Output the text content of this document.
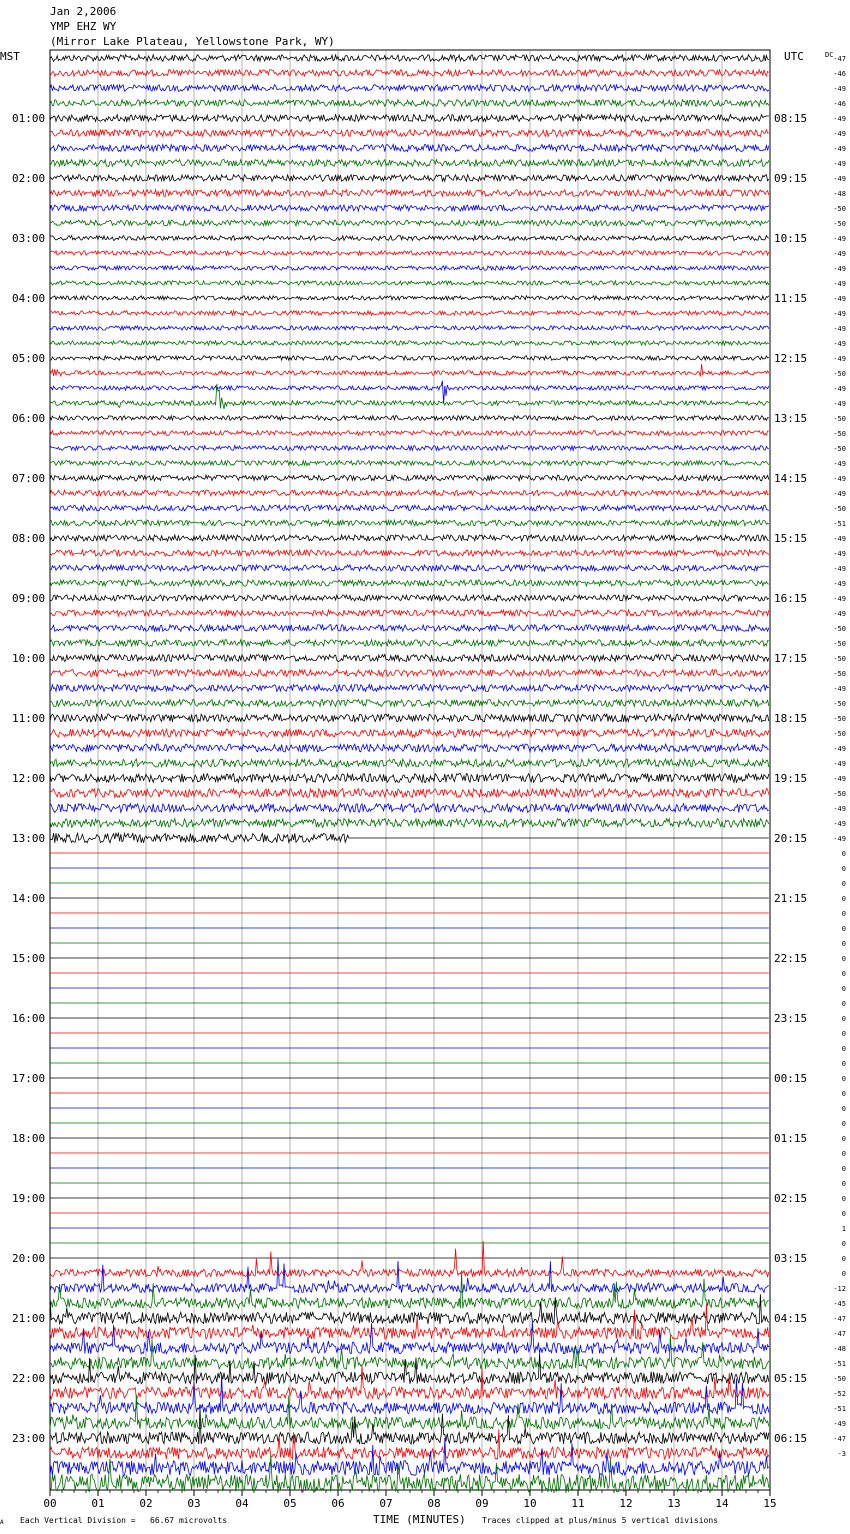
Jan 2,2006
YMP EHZ WY
(Mirror Lake Plateau, Yellowstone Park, WY)
01:00
02:00
03:00
04:00
05:00
06:00
07:00
08:00
09:00
10:00
11:00
12:00
13:00
14:00
15:00
16:00
17:00
18:00
19:00
20:00
21:00
22:00
23:00
08:15
09:15
10:15
11:15
12:15
13:15
14:15
15:15
16:15
17:15
18:15
19:15
20:15
21:15
22:15
23:15
00:15
01:15
02:15
03:15
04:15
05:15
06:15
-47
-46
-49
-46
-49
-49
-49
-49
-49
-48
-50
-50
-49
-49
-49
-49
-49
-49
-49
-49
-49
-50
-49
-49
-50
-50
-50
-49
-49
-49
-50
-51
-49
-49
-49
-49
-49
-49
-50
-50
-50
-50
-49
-50
-50
-50
-49
-49
-49
-50
-49
-49
-49
0
0
0
0
0
0
0
0
0
0
0
0
0
0
0
0
0
0
0
0
0
0
0
0
0
1
0
0
0
-12
-45
-47
-47
-48
-51
-50
-52
-51
-49
-47
-3
00	01	02	03	04	05	06	07	08	09	10	11	12	13	14	15
MST	UTC	DC
A Each Vertical Division =   66.67 microvolts	TIME (MINUTES) Traces clipped at plus/minus 5 vertical divisions
